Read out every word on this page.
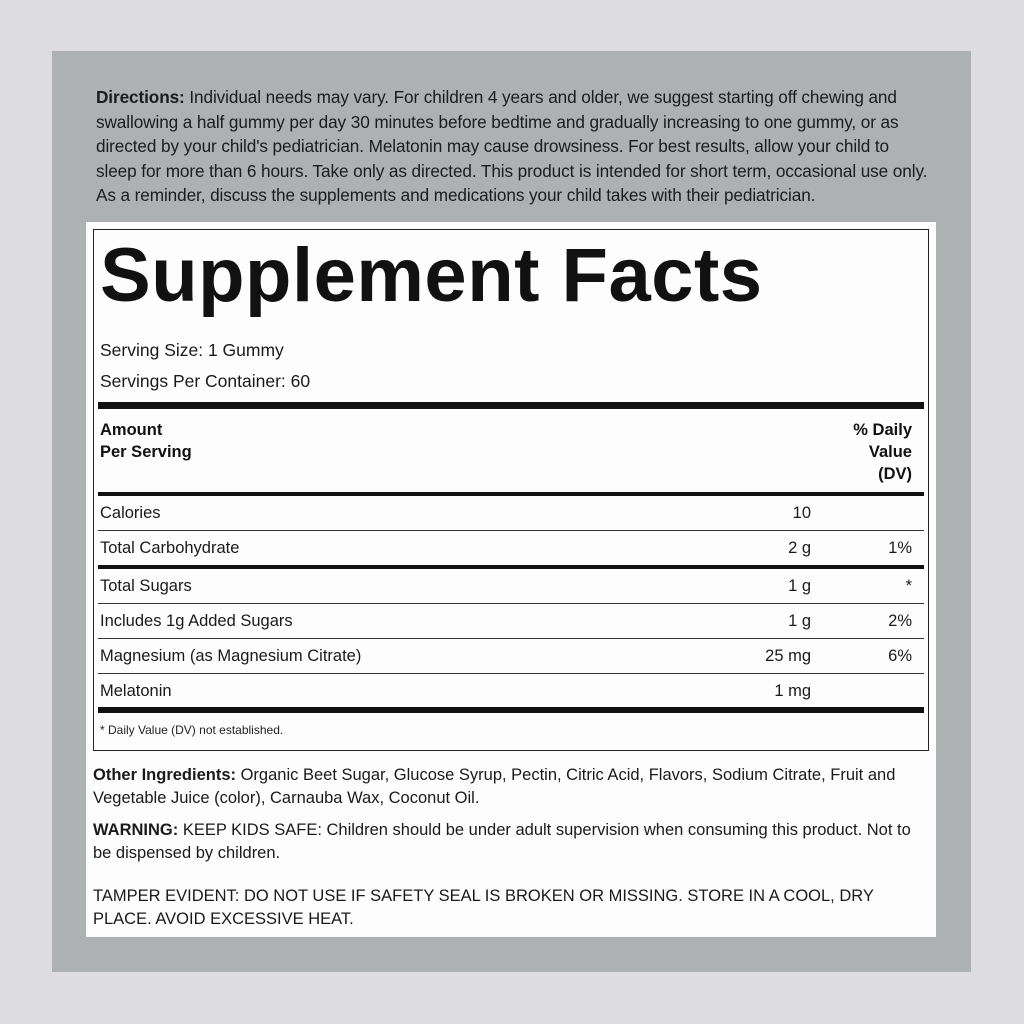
Directions: Individual needs may vary. For children 4 years and older, we suggest starting off chewing and swallowing a half gummy per day 30 minutes before bedtime and gradually increasing to one gummy, or as directed by your child's pediatrician. Melatonin may cause drowsiness. For best results, allow your child to sleep for more than 6 hours. Take only as directed. This product is intended for short term, occasional use only. As a reminder, discuss the supplements and medications your child takes with their pediatrician.
Supplement Facts
Serving Size: 1 Gummy
Servings Per Container: 60
Amount
Per Serving
% Daily
Value
(DV)
Calories	10
Total Carbohydrate	2 g	1%
Total Sugars	1 g	*
Includes 1g Added Sugars	1 g	2%
Magnesium (as Magnesium Citrate)	25 mg	6%
Melatonin	1 mg
* Daily Value (DV) not established.
Other Ingredients: Organic Beet Sugar, Glucose Syrup, Pectin, Citric Acid, Flavors, Sodium Citrate, Fruit and Vegetable Juice (color), Carnauba Wax, Coconut Oil.
WARNING: KEEP KIDS SAFE: Children should be under adult supervision when consuming this product. Not to be dispensed by children.
TAMPER EVIDENT: DO NOT USE IF SAFETY SEAL IS BROKEN OR MISSING. STORE IN A COOL, DRY PLACE. AVOID EXCESSIVE HEAT.
